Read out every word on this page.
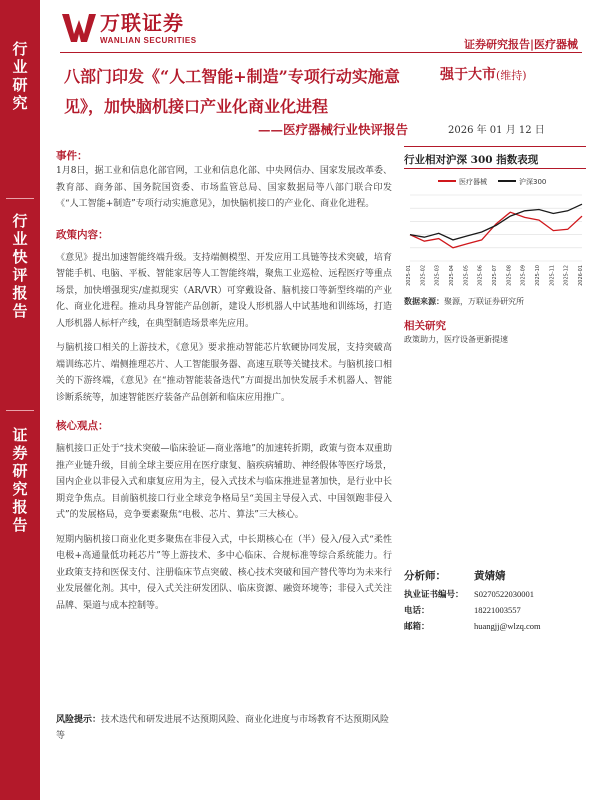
行
业
研
究
行
业
快
评
报
告
证
券
研
究
报
告
万联证券
WANLIAN SECURITIES	证券研究报告|医疗器械
八部门印发《“人工智能+制造”专项行动实施意见》，加快脑机接口产业化商业化进程
——医疗器械行业快评报告
强于大市(维持)
2026 年 01 月 12 日
事件：
1月8日，据工业和信息化部官网，工业和信息化部、中央网信办、国家发展改革委、教育部、商务部、国务院国资委、市场监管总局、国家数据局等八部门联合印发《“人工智能+制造”专项行动实施意见》，加快脑机接口的产业化、商业化进程。
政策内容：
《意见》提出加速智能终端升级。支持端侧模型、开发应用工具链等技术突破，培育智能手机、电脑、平板、智能家居等人工智能终端，聚焦工业巡检、远程医疗等重点场景，加快增强现实/虚拟现实（AR/VR）可穿戴设备、脑机接口等新型终端的产业化、商业化进程。推动具身智能产品创新，建设人形机器人中试基地和训练场，打造人形机器人标杆产线，在典型制造场景率先应用。
与脑机接口相关的上游技术，《意见》要求推动智能芯片软硬协同发展，支持突破高端训练芯片、端侧推理芯片、人工智能服务器、高速互联等关键技术。与脑机接口相关的下游终端，《意见》在“推动智能装备迭代”方面提出加快发展手术机器人、智能诊断系统等，加速智能医疗装备产品创新和临床应用推广。
核心观点：
脑机接口正处于“技术突破—临床验证—商业落地”的加速转折期，政策与资本双重助推产业链升级，目前全球主要应用在医疗康复、脑疾病辅助、神经假体等医疗场景，国内企业以非侵入式和康复应用为主，侵入式技术与临床推进显著加快，是行业中长期竞争焦点。目前脑机接口行业全球竞争格局呈“美国主导侵入式、中国领跑非侵入式”的发展格局，竞争要素聚焦“电极、芯片、算法”三大核心。
短期内脑机接口商业化更多聚焦在非侵入式，中长期核心在（半）侵入/侵入式“柔性电极+高通量低功耗芯片”等上游技术、多中心临床、合规标准等综合系统能力。行业政策支持和医保支付、注册临床节点突破、核心技术突破和国产替代等均为未来行业发展催化剂。其中，侵入式关注研发团队、临床资源、融资环境等；非侵入式关注品牌、渠道与成本控制等。
风险提示：技术迭代和研发进展不达预期风险、商业化进度与市场教育不达预期风险等
行业相对沪深 300 指数表现
医疗器械	沪深300
2025-01 2025-02 2025-03 2025-04 2025-05 2025-06 2025-07 2025-08 2025-09 2025-10 2025-11 2025-12 2026-01
数据来源：聚源，万联证券研究所
相关研究
政策助力，医疗设备更新提速
分析师：	黄婧婧
执业证书编号：	S0270522030001
电话：	18221003557
邮箱：	huangjj@wlzq.com
